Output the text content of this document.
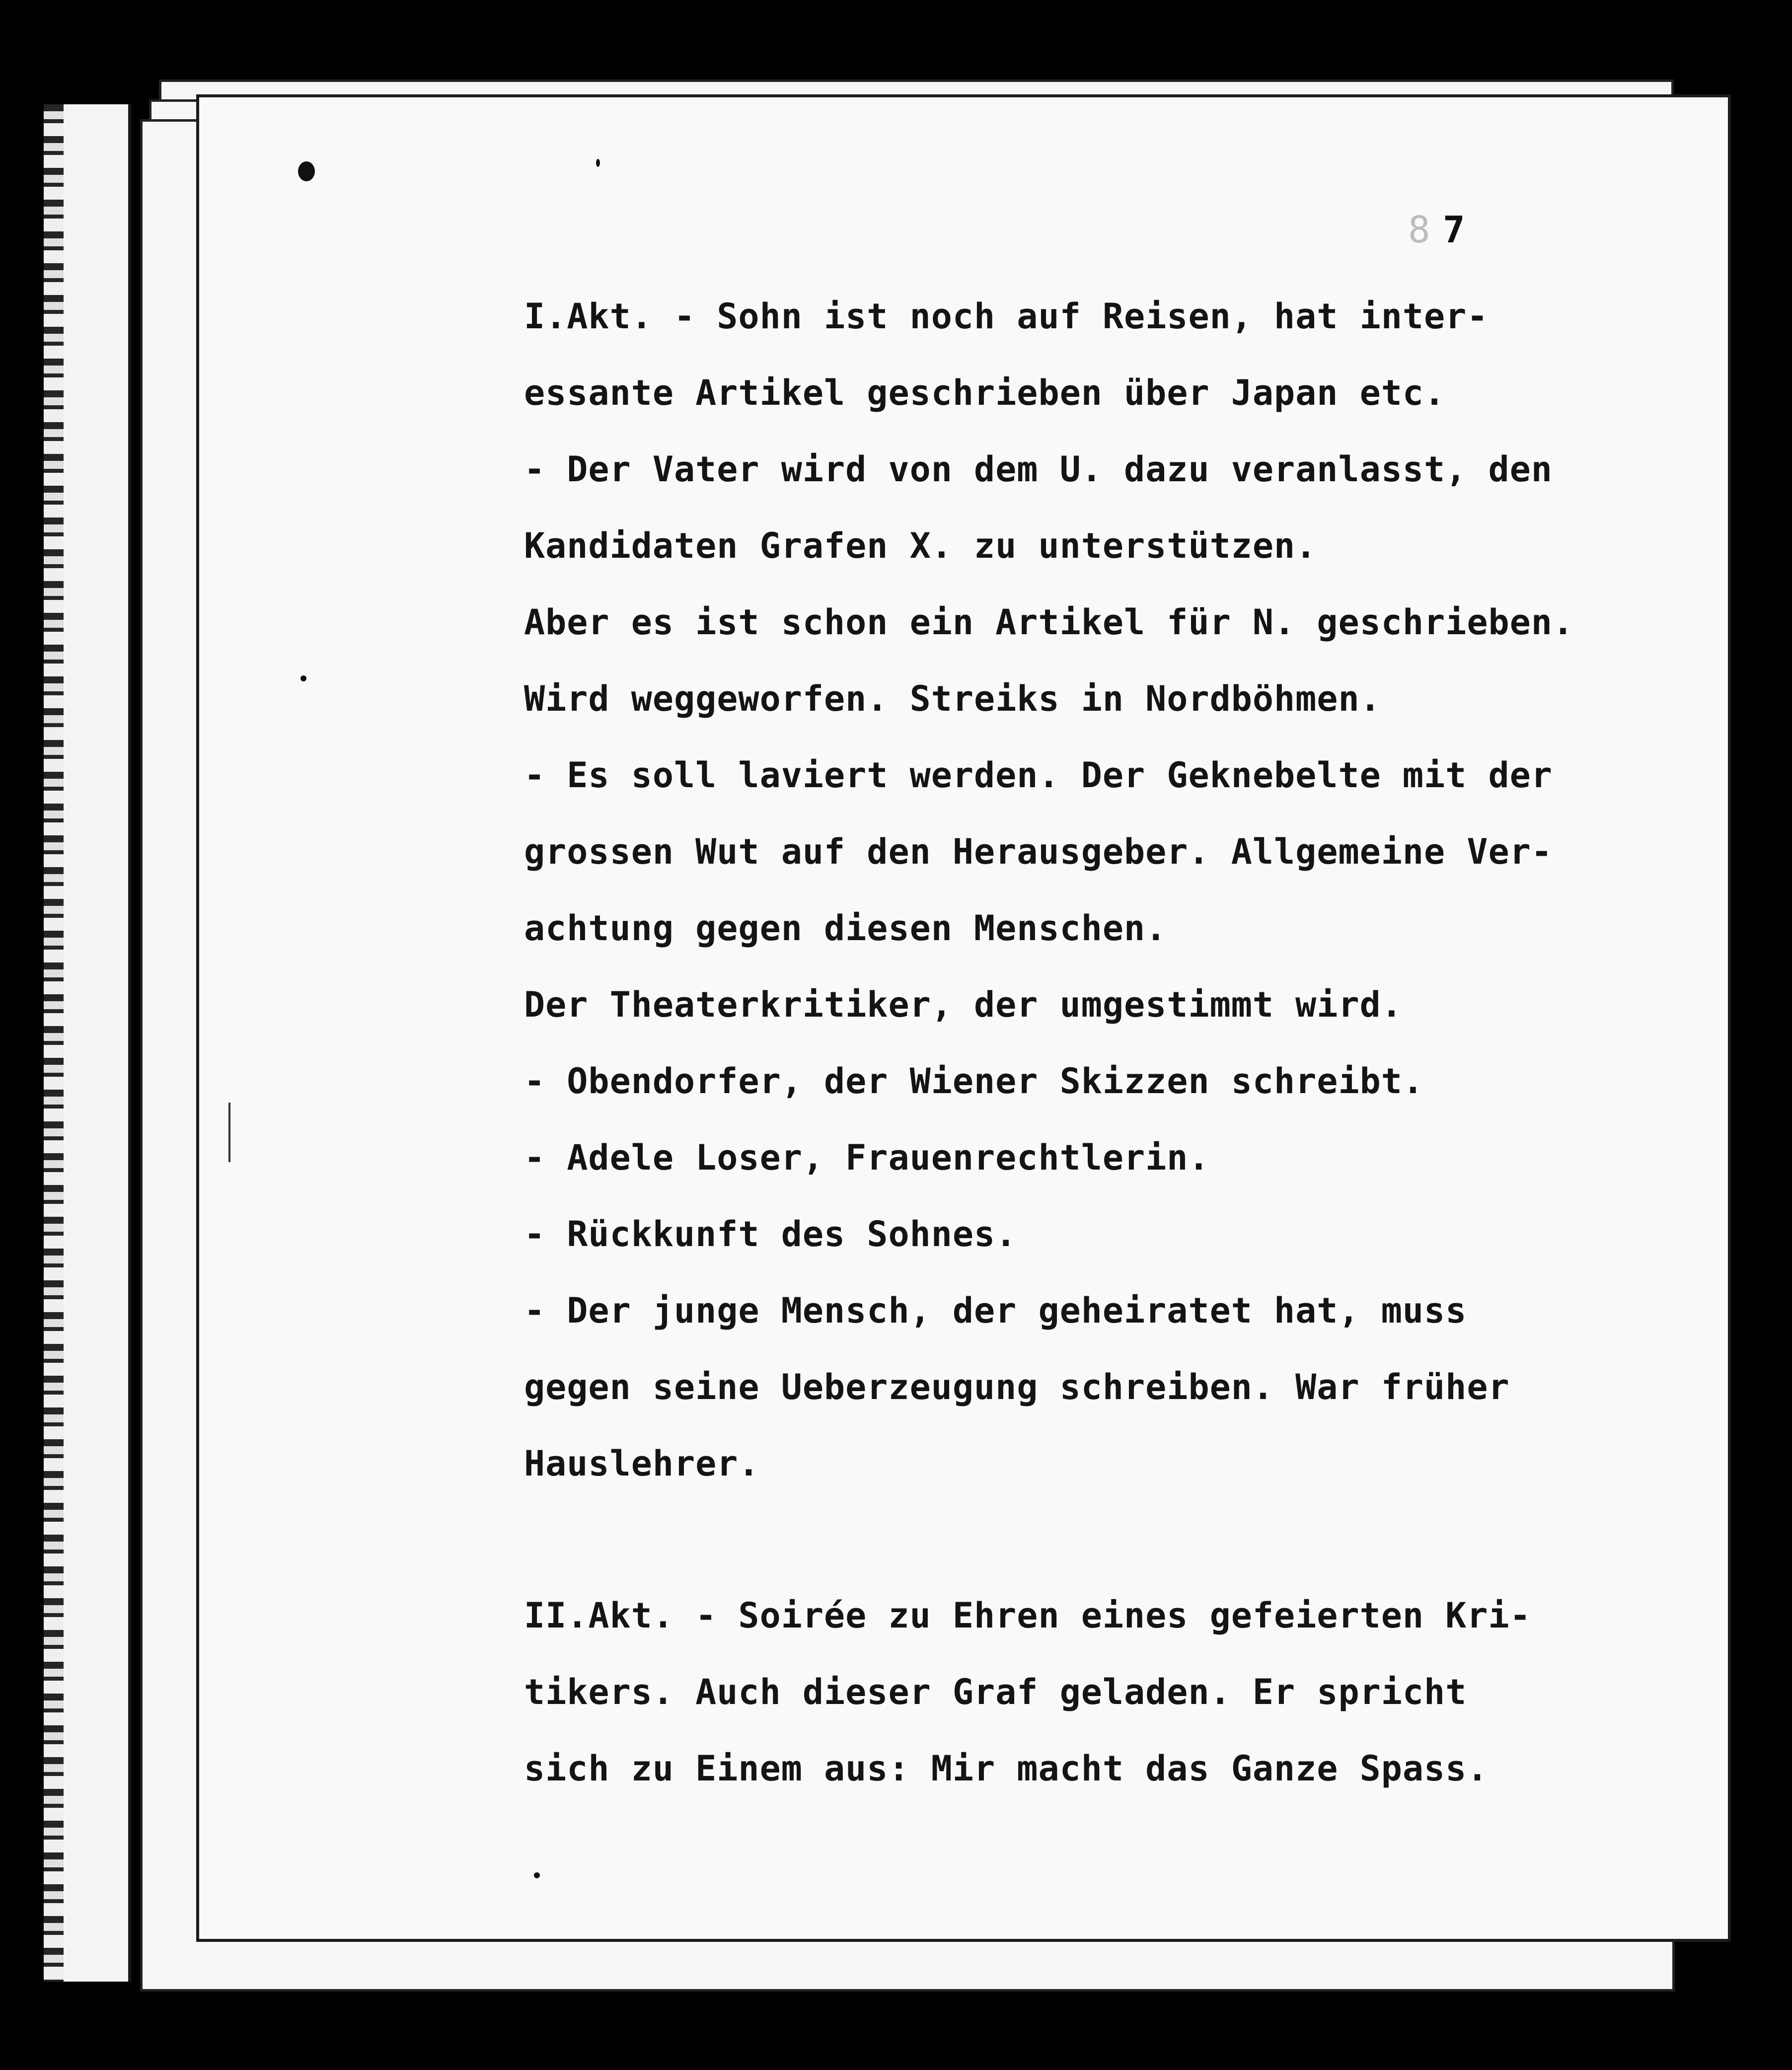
8 7
I.Akt. - Sohn ist noch auf Reisen, hat inter-
essante Artikel geschrieben über Japan etc.
- Der Vater wird von dem U. dazu veranlasst, den
Kandidaten Grafen X. zu unterstützen.
Aber es ist schon ein Artikel für N. geschrieben.
Wird weggeworfen. Streiks in Nordböhmen.
- Es soll laviert werden. Der Geknebelte mit der
grossen Wut auf den Herausgeber. Allgemeine Ver-
achtung gegen diesen Menschen.
Der Theaterkritiker, der umgestimmt wird.
- Obendorfer, der Wiener Skizzen schreibt.
- Adele Loser, Frauenrechtlerin.
- Rückkunft des Sohnes.
- Der junge Mensch, der geheiratet hat, muss
gegen seine Ueberzeugung schreiben. War früher
Hauslehrer.
II.Akt. - Soirée zu Ehren eines gefeierten Kri-
tikers. Auch dieser Graf geladen. Er spricht
sich zu Einem aus: Mir macht das Ganze Spass.
